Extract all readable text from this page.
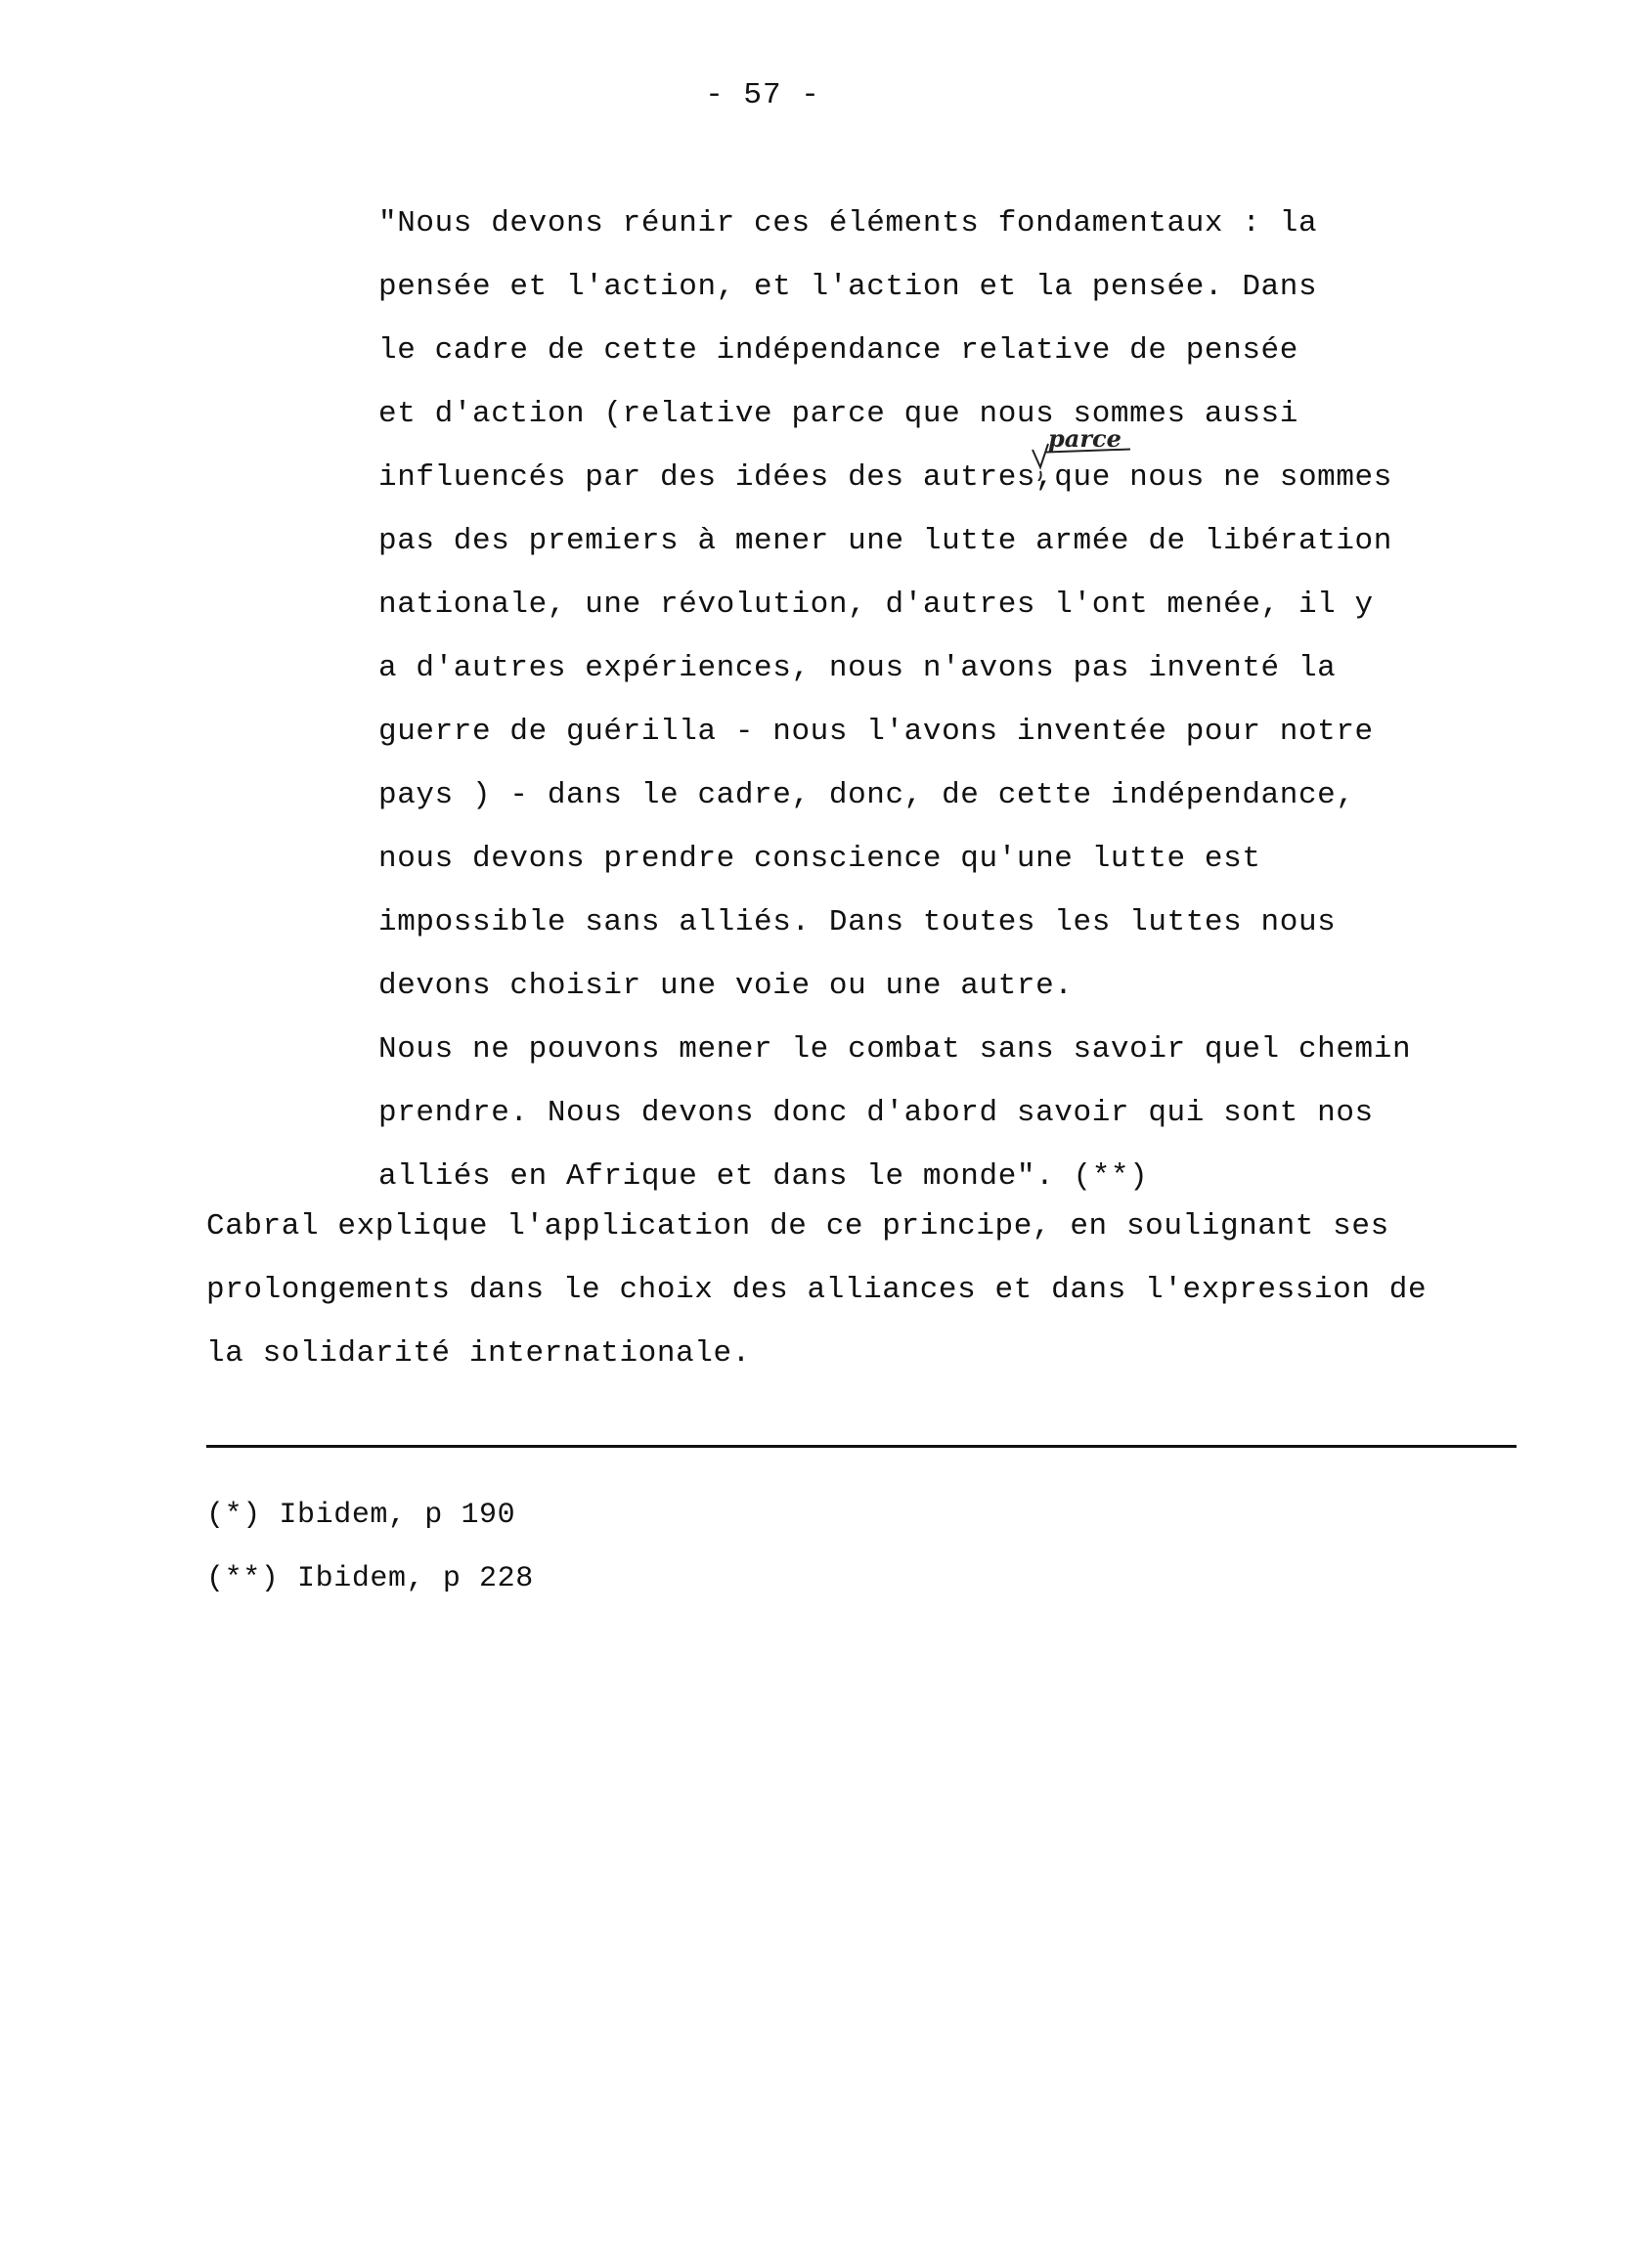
- 57 -
"Nous devons réunir ces éléments fondamentaux : la
pensée et l'action, et l'action et la pensée. Dans
le cadre de cette indépendance relative de pensée
et d'action (relative parce que nous sommes aussi
influencés par des idées des autres,que nous ne sommes
pas des premiers à mener une lutte armée de libération
nationale, une révolution, d'autres l'ont menée, il y
a d'autres expériences, nous n'avons pas inventé la
guerre de guérilla - nous l'avons inventée pour notre
pays ) - dans le cadre, donc, de cette indépendance,
nous devons prendre conscience qu'une lutte est
impossible sans alliés. Dans toutes les luttes nous
devons choisir une voie ou une autre.
Nous ne pouvons mener le combat sans savoir quel chemin
prendre. Nous devons donc d'abord savoir qui sont nos
alliés en Afrique et dans le monde". (**)
parce
Cabral explique l'application de ce principe, en soulignant ses
prolongements dans le choix des alliances et dans l'expression de
la solidarité internationale.
(*) Ibidem, p 190
(**) Ibidem, p 228
